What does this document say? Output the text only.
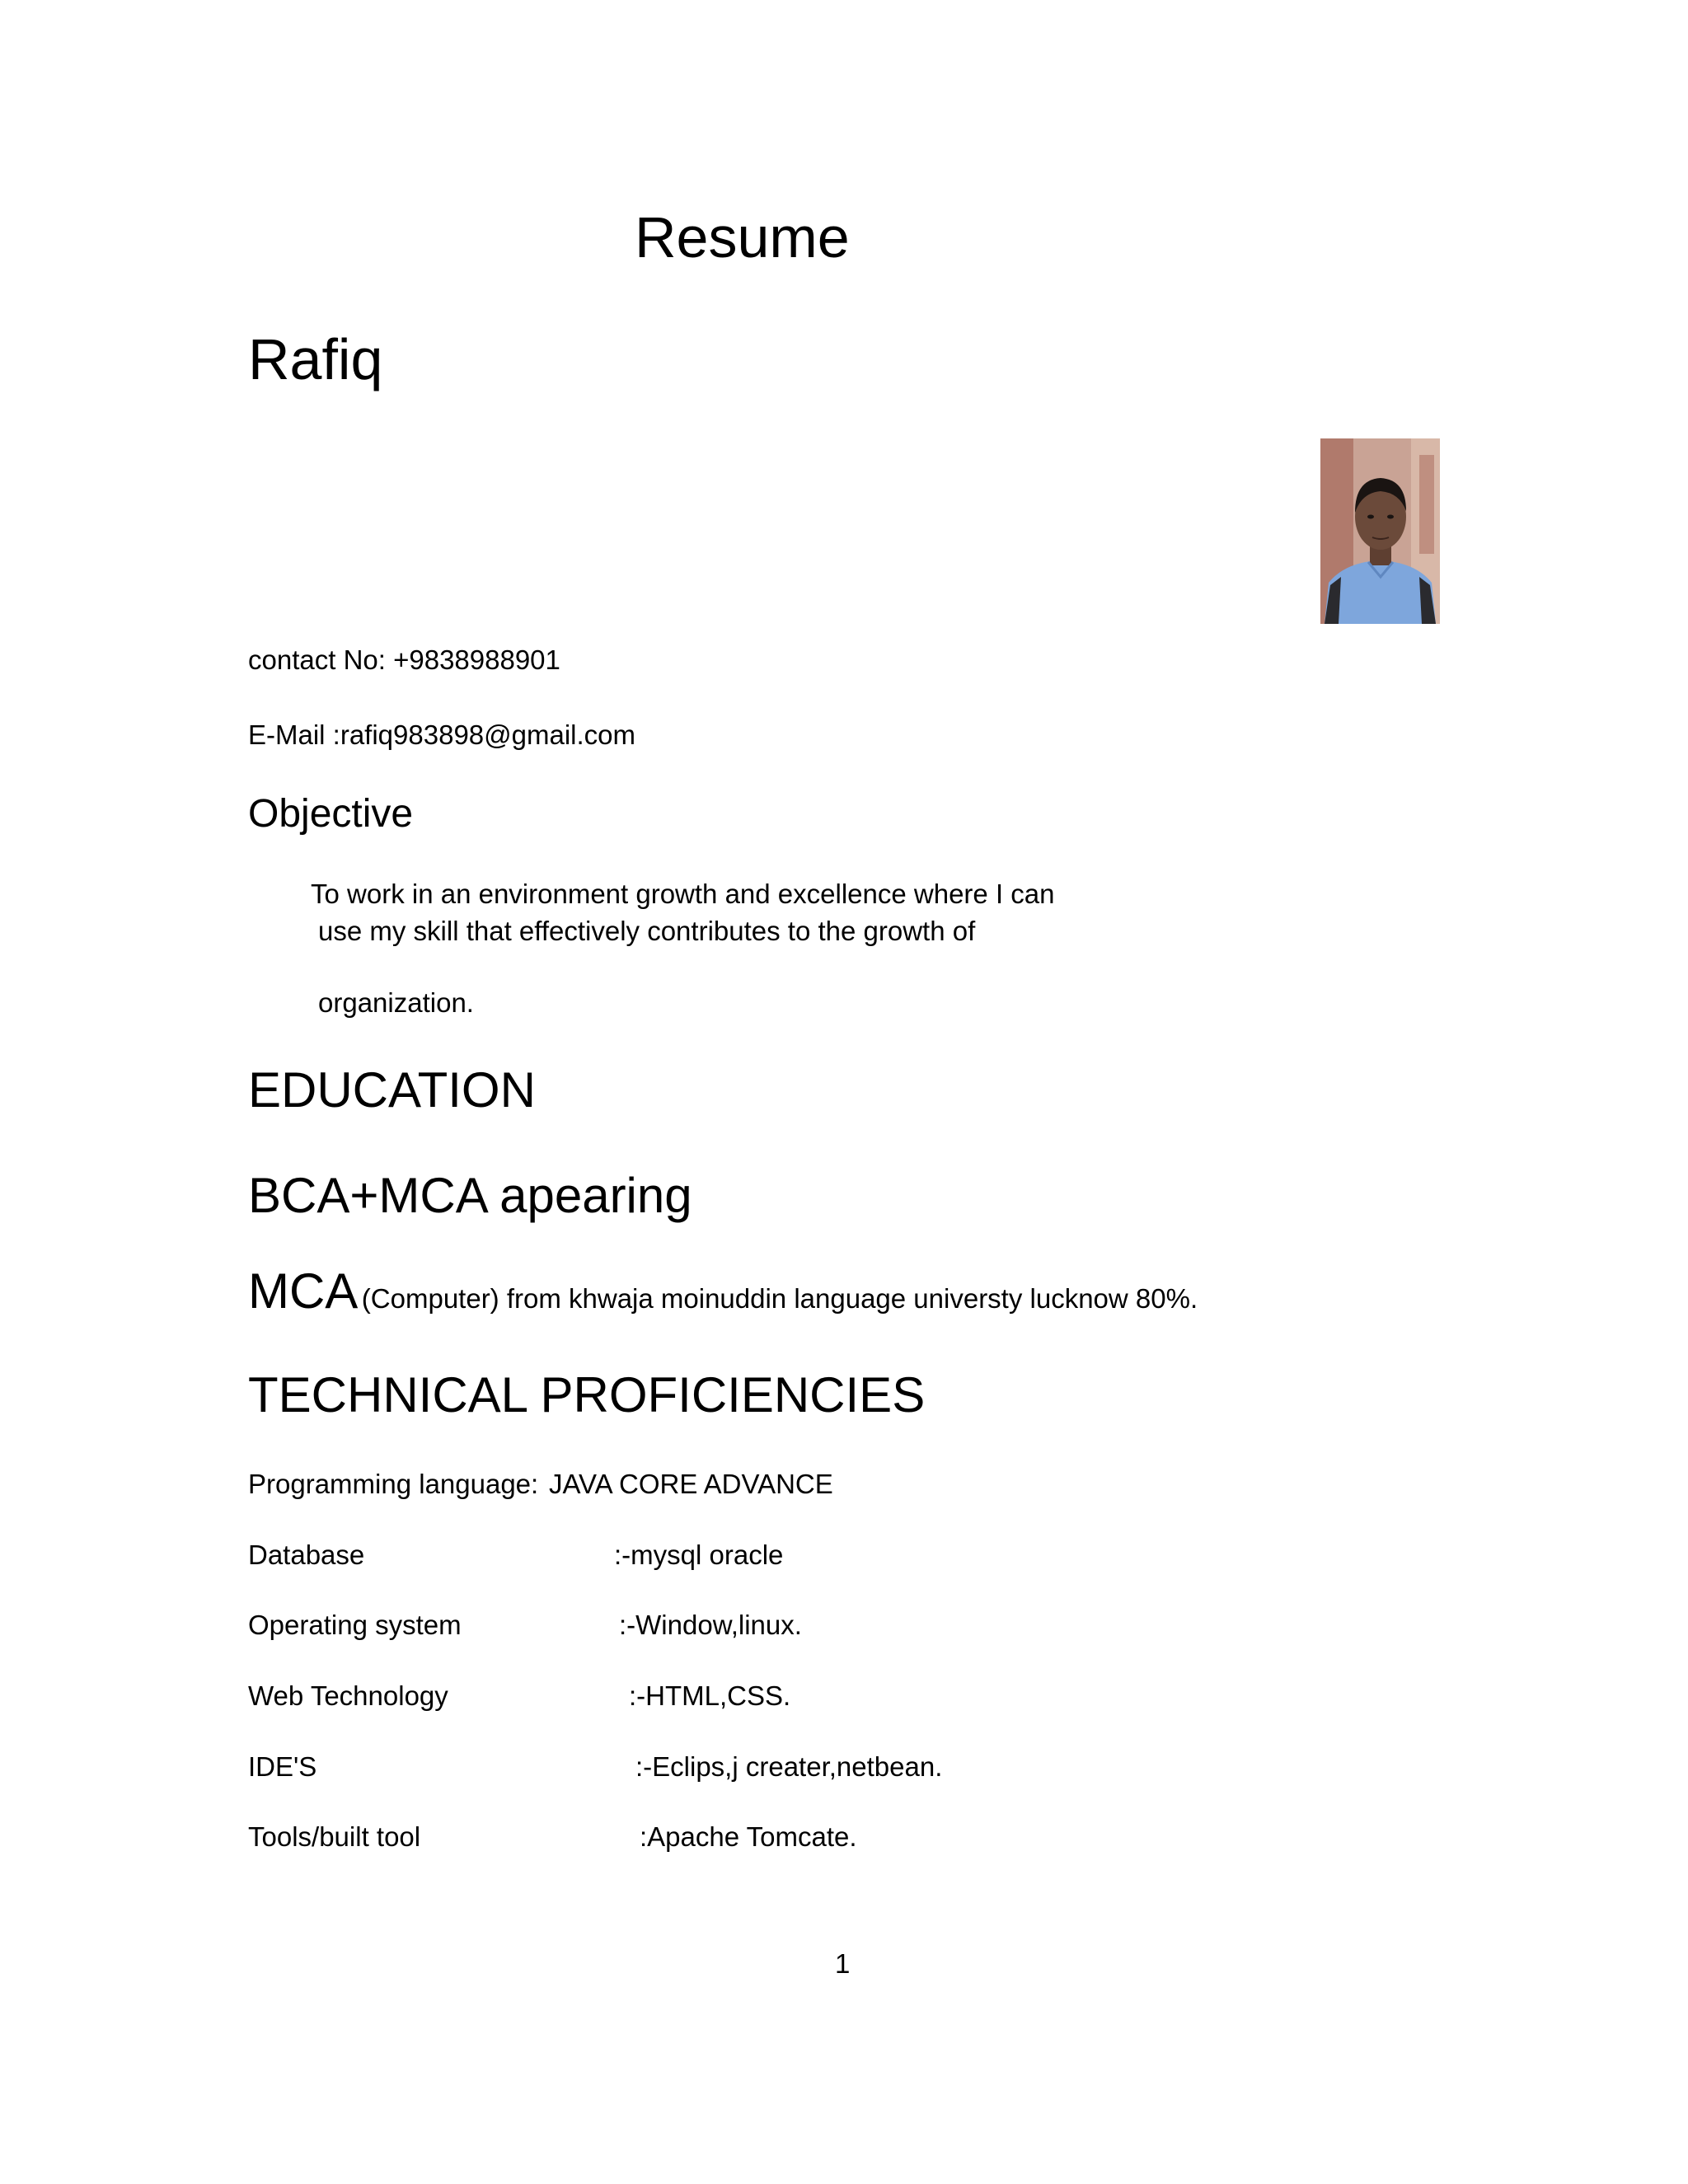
Resume
Rafiq
contact No: +9838988901
E-Mail :rafiq983898@gmail.com
Objective
To work in an environment growth and excellence where I can
use my skill that effectively contributes to the growth of
organization.
EDUCATION
BCA+MCA apearing
MCA (Computer) from khwaja moinuddin language universty lucknow 80%.
TECHNICAL PROFICIENCIES
Programming language: JAVA CORE ADVANCE
Database	:-mysql oracle
Operating system	:-Window,linux.
Web Technology	:-HTML,CSS.
IDE'S	:-Eclips,j creater,netbean.
Tools/built tool	:Apache Tomcate.
1
